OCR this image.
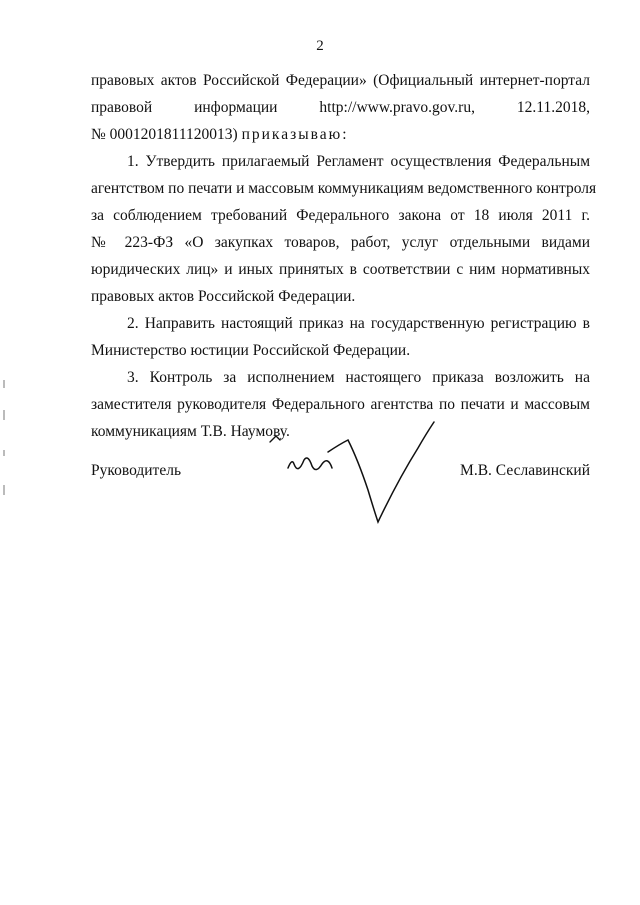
2
правовых актов Российской Федерации» (Официальный интернет-портал
правовой	информации	http://www.pravo.gov.ru,	12.11.2018,
№ 0001201811120013) приказываю:
1. Утвердить прилагаемый Регламент осуществления Федеральным
агентством по печати и массовым коммуникациям ведомственного контроля
за соблюдением требований Федерального закона от 18 июля 2011 г.
№ 223-ФЗ «О закупках товаров, работ, услуг отдельными видами
юридических лиц» и иных принятых в соответствии с ним нормативных
правовых актов Российской Федерации.
2. Направить настоящий приказ на государственную регистрацию в
Министерство юстиции Российской Федерации.
3. Контроль за исполнением настоящего приказа возложить на
заместителя руководителя Федерального агентства по печати и массовым
коммуникациям Т.В. Наумову.
Руководитель	М.В. Сеславинский
